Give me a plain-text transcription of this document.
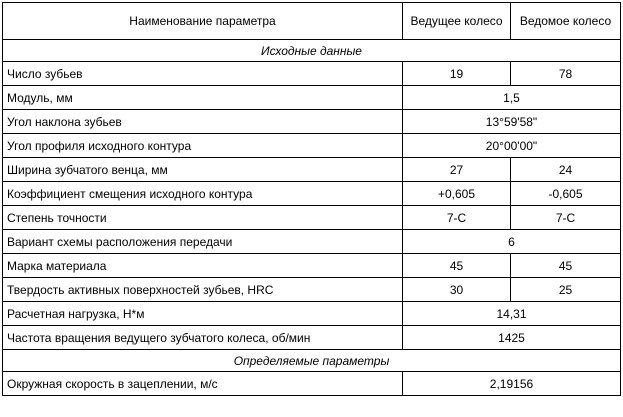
Наименование параметра	Ведущее колесо	Ведомое колесо
Исходные данные		
Число зубьев	19	78
Модуль, мм	1,5	
Угол наклона зубьев	13°59'58"	
Угол профиля исходного контура	20°00'00"	
Ширина зубчатого венца, мм	27	24
Коэффициент смещения исходного контура	+0,605	-0,605
Степень точности	7-С	7-С
Вариант схемы расположения передачи	6	
Марка материала	45	45
Твердость активных поверхностей зубьев, HRC	30	25
Расчетная нагрузка, Н*м	14,31	
Частота вращения ведущего зубчатого колеса, об/мин	1425	
Определяемые параметры		
Окружная скорость в зацеплении, м/с	2,19156	
